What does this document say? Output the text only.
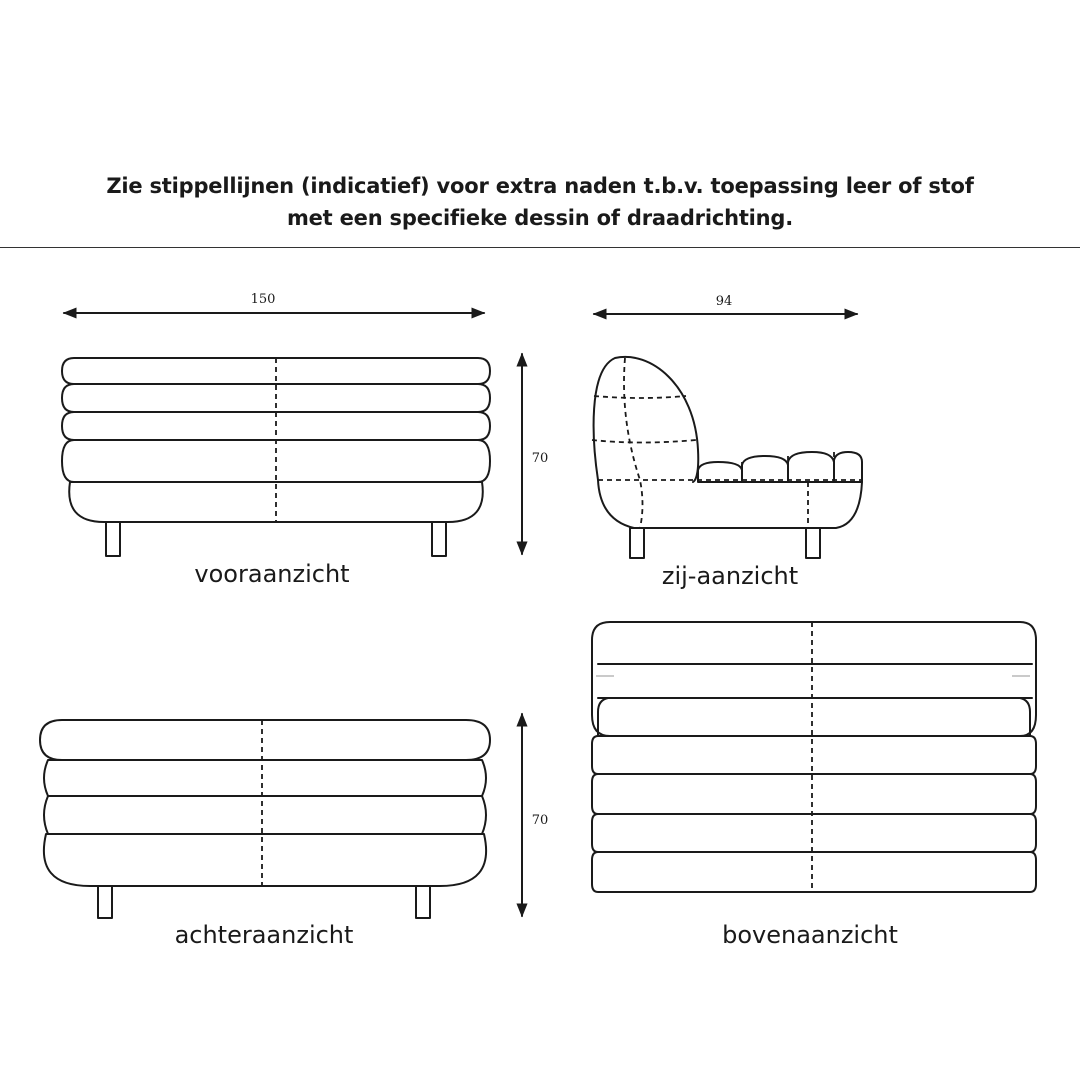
Zie stippellijnen (indicatief) voor extra naden t.b.v. toepassing leer of stof
met een specifieke dessin of draadrichting.
150
70
vooraanzicht
94
zij-aanzicht
70
achteraanzicht	bovenaanzicht
